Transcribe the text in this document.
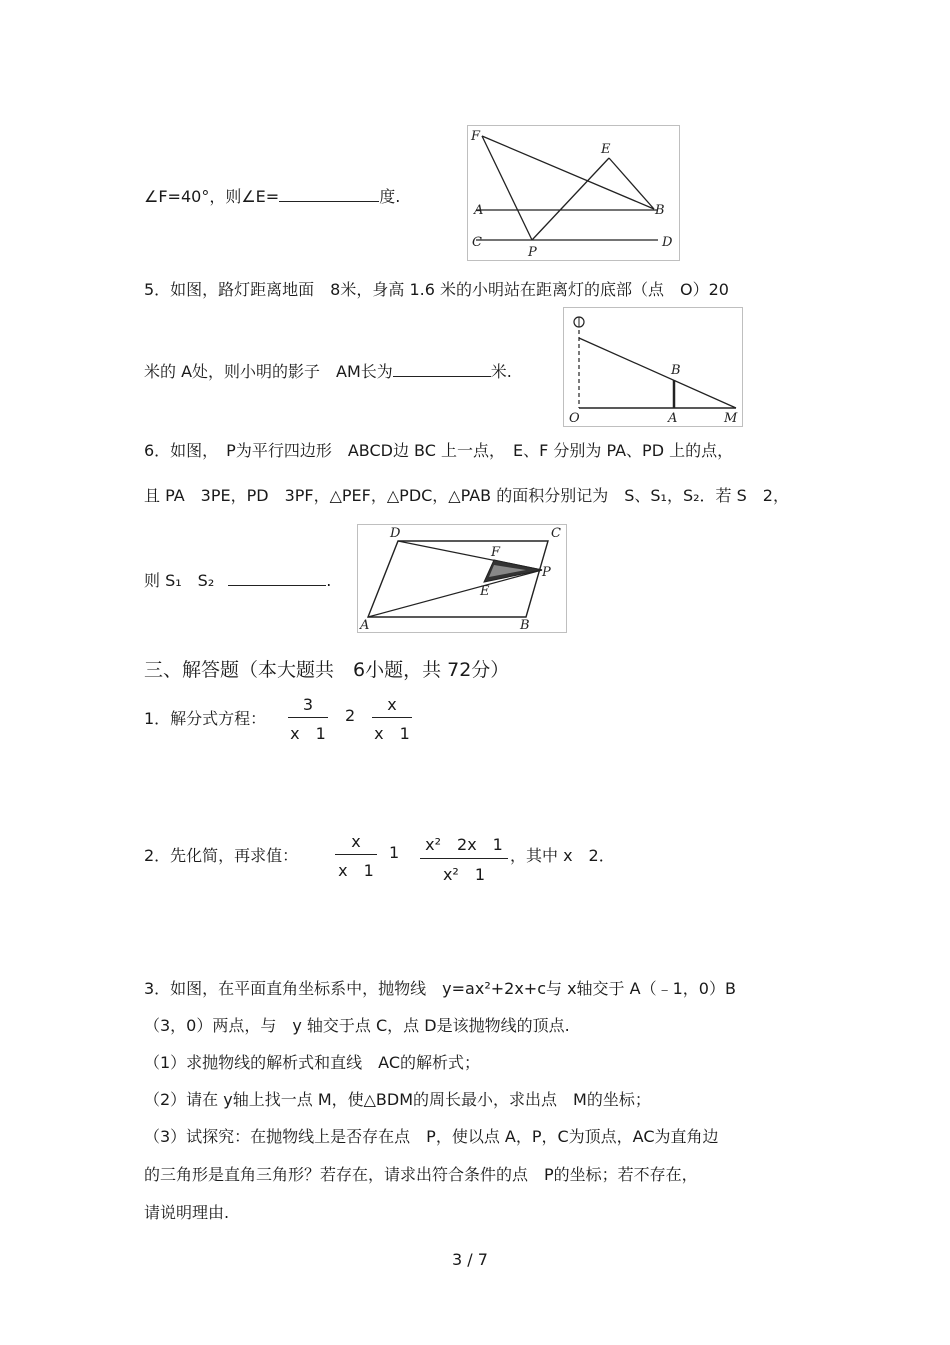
∠F=40°，则∠E=	度.
F
E
A	B
C	D
P
5．如图，路灯距离地面　8米，身高 1.6 米的小明站在距离灯的底部（点　O）20
米的 A处，则小明的影子　AM长为	米.	B
O	A	M
6．如图，　P为平行四边形　ABCD边 BC 上一点，　E、F 分别为 PA、PD 上的点，
且 PA　3PE，PD　3PF，△PEF，△PDC，△PAB 的面积分别记为　S、S₁，S₂．若 S　2，
则 S₁　S₂	.
D	C
F
P
E
A	B
三、解答题（本大题共　6小题，共 72分）
1．解分式方程：
3
x　1
2
x
x　1
2．先化简，再求值：
x
x　1
1	x²　2x　1
x²　1
，其中 x　2．
3．如图，在平面直角坐标系中，抛物线　y=ax²+2x+c与 x轴交于 A（﹣1，0）B
（3，0）两点，与　y 轴交于点 C，点 D是该抛物线的顶点.
（1）求抛物线的解析式和直线　AC的解析式；
（2）请在 y轴上找一点 M，使△BDM的周长最小，求出点　M的坐标；
（3）试探究：在抛物线上是否存在点　P，使以点 A，P，C为顶点，AC为直角边
的三角形是直角三角形？若存在，请求出符合条件的点　P的坐标；若不存在，
请说明理由.
3 / 7
